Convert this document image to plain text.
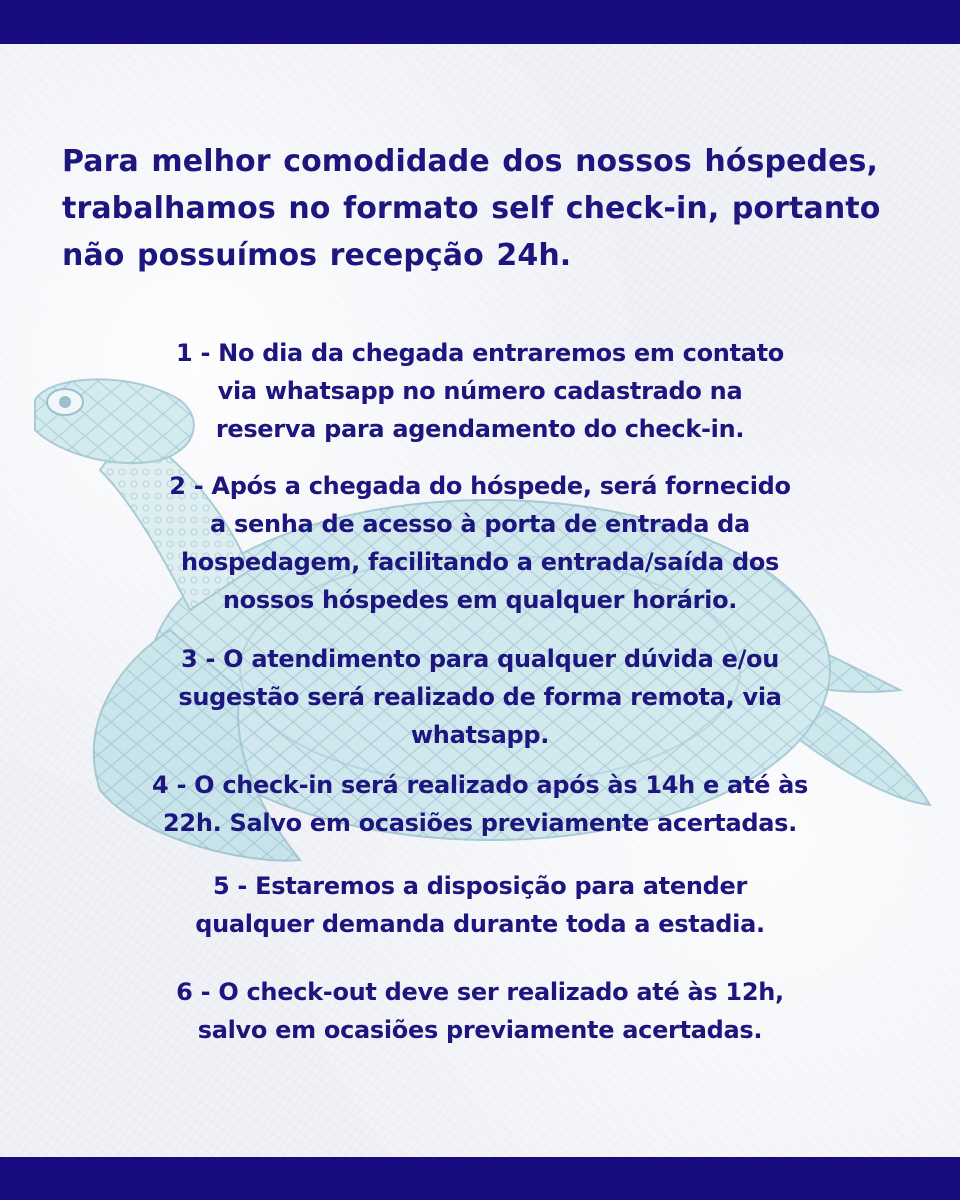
Para melhor comodidade dos nossos hóspedes,
trabalhamos no formato self check-in, portanto
não possuímos recepção 24h.

1 - No dia da chegada entraremos em contato
via whatsapp no número cadastrado na
reserva para agendamento do check-in.

2 - Após a chegada do hóspede, será fornecido
a senha de acesso à porta de entrada da
hospedagem, facilitando a entrada/saída dos
nossos hóspedes em qualquer horário.

3 - O atendimento para qualquer dúvida e/ou
sugestão será realizado de forma remota, via
whatsapp.

4 - O check-in será realizado após às 14h e até às
22h. Salvo em ocasiões previamente acertadas.

5 - Estaremos a disposição para atender
qualquer demanda durante toda a estadia.

6 - O check-out deve ser realizado até às 12h,
salvo em ocasiões previamente acertadas.
